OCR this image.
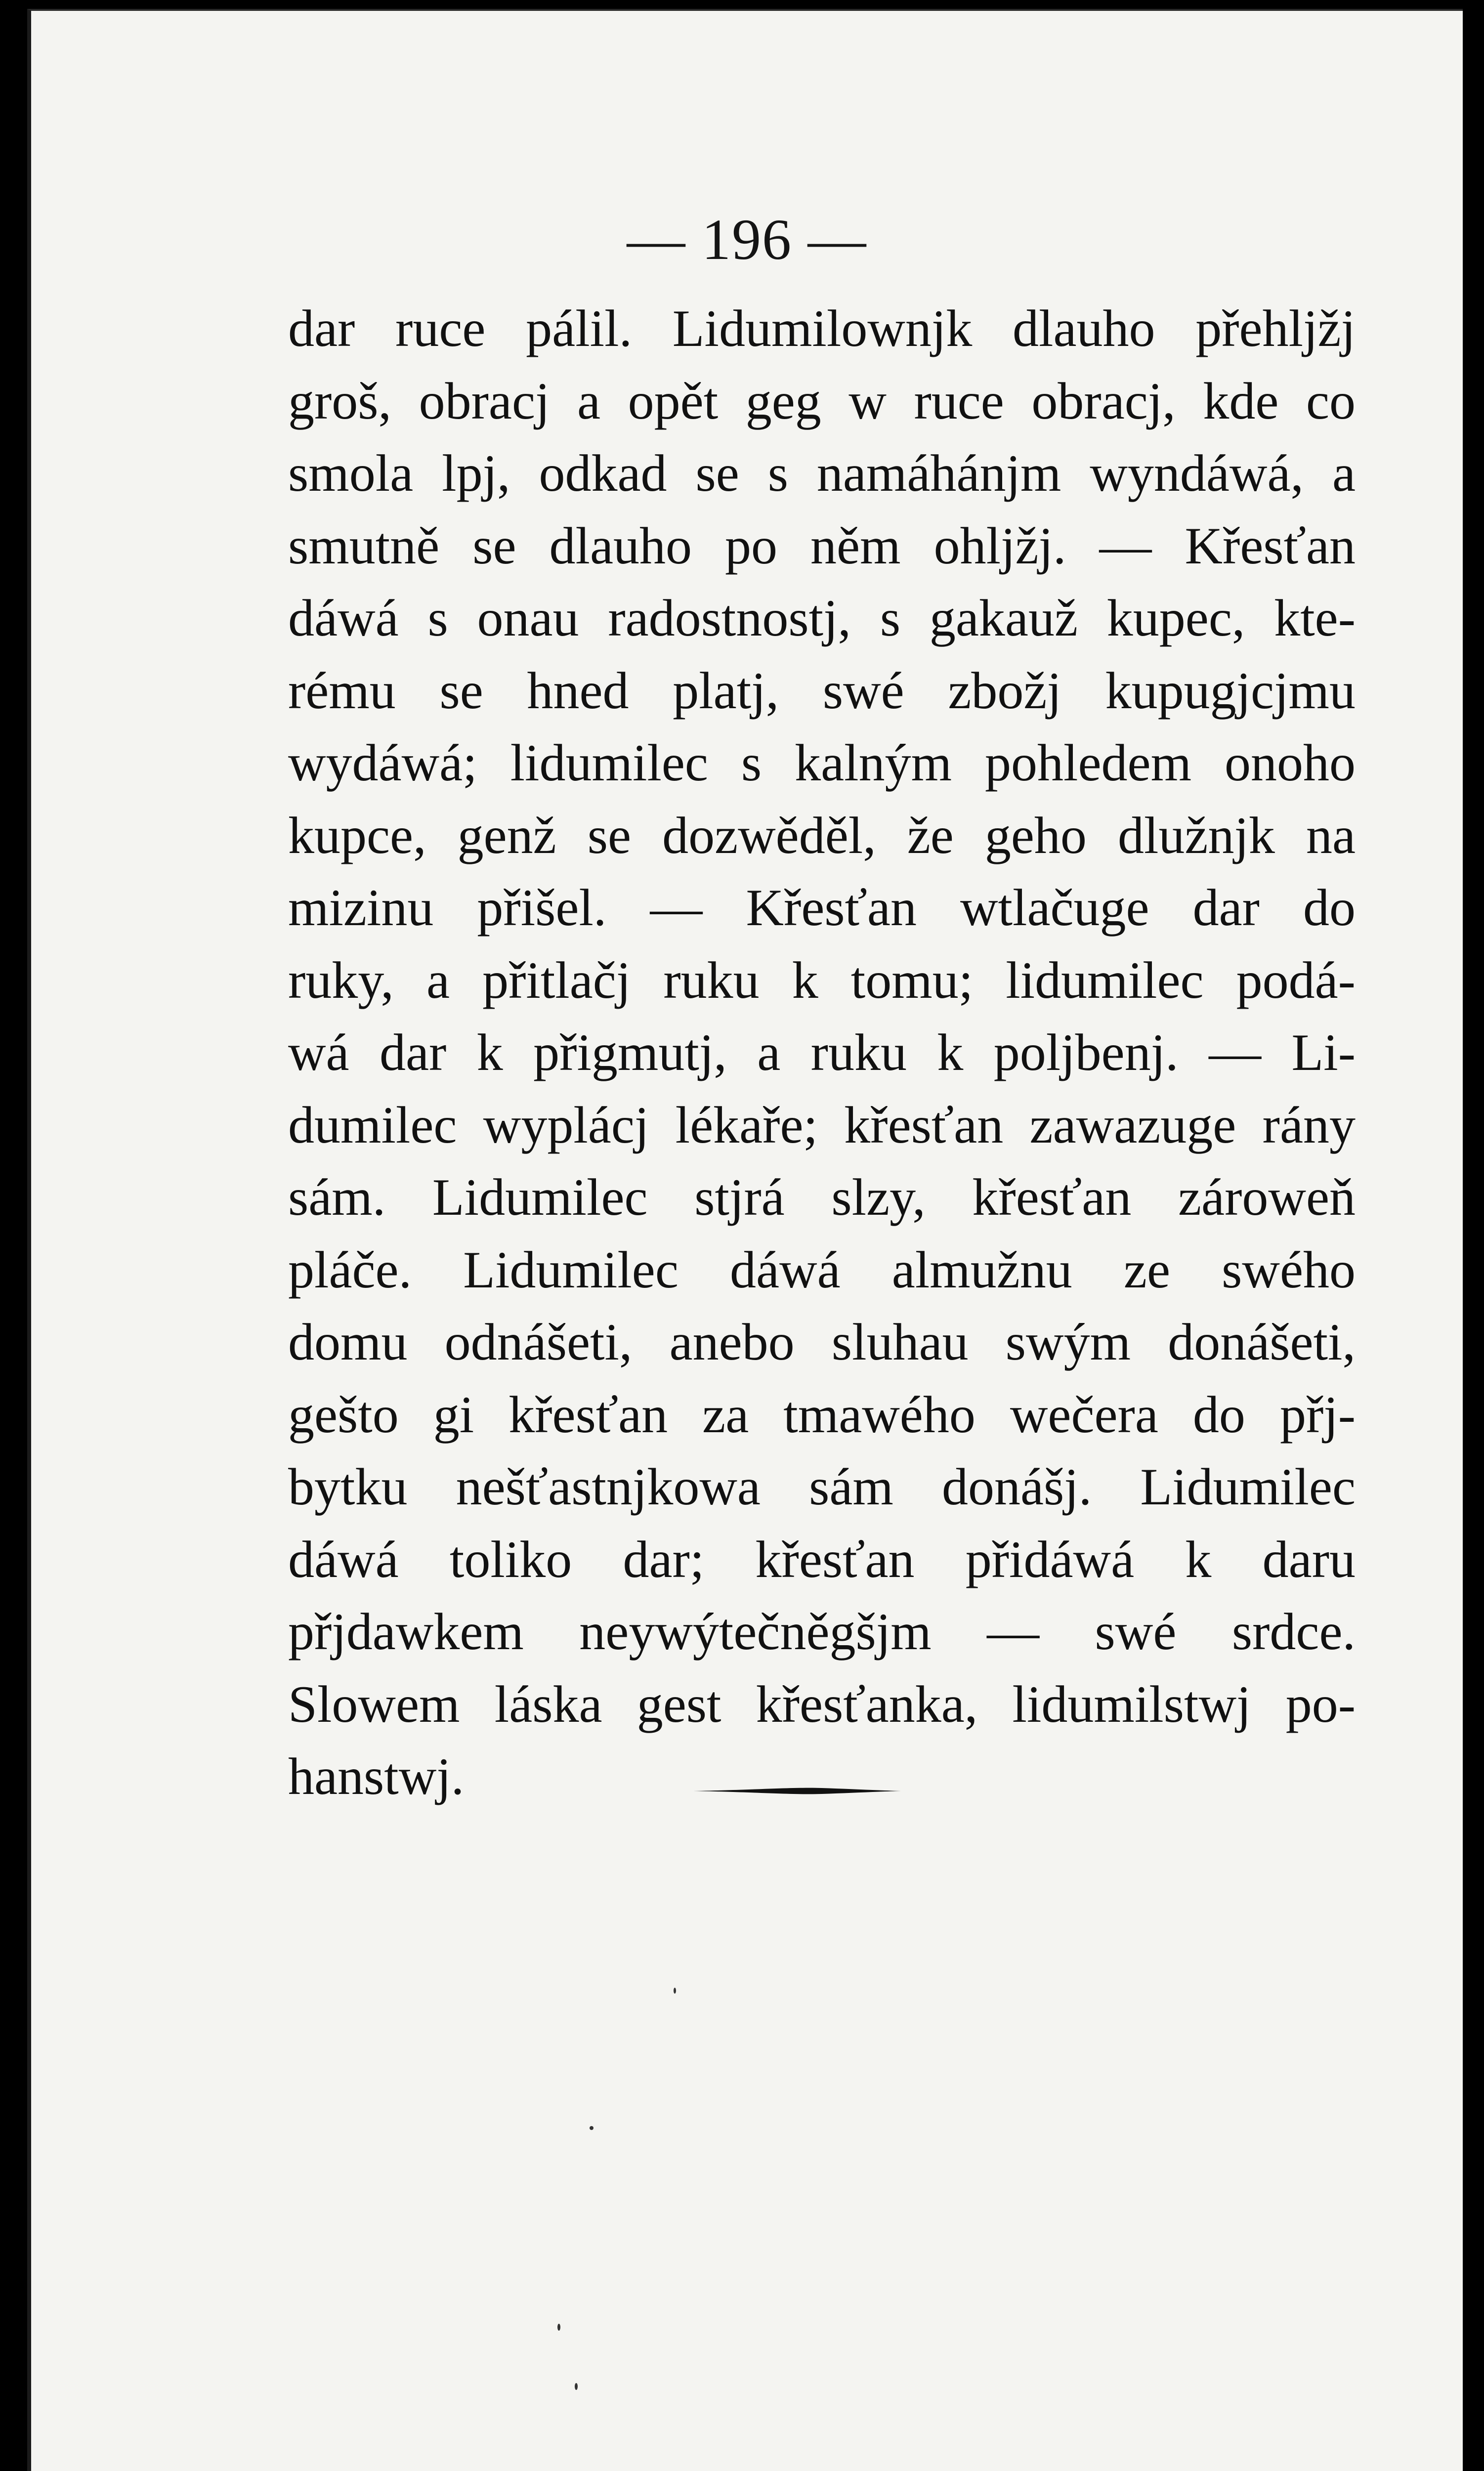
— 196 —
dar ruce pálil. Lidumilownjk dlauho přehljžj
groš, obracj a opět geg w ruce obracj, kde co
smola lpj, odkad se s namáhánjm wyndáwá, a
smutně se dlauho po něm ohljžj. — Křesťan
dáwá s onau radostnostj, s gakauž kupec, kte-
rému se hned platj, swé zbožj kupugjcjmu
wydáwá; lidumilec s kalným pohledem onoho
kupce, genž se dozwěděl, že geho dlužnjk na
mizinu přišel. — Křesťan wtlačuge dar do
ruky, a přitlačj ruku k tomu; lidumilec podá-
wá dar k přigmutj, a ruku k poljbenj. — Li-
dumilec wyplácj lékaře; křesťan zawazuge rány
sám. Lidumilec stjrá slzy, křesťan zároweň
pláče. Lidumilec dáwá almužnu ze swého
domu odnášeti, anebo sluhau swým donášeti,
gešto gi křesťan za tmawého wečera do přj-
bytku nešťastnjkowa sám donášj. Lidumilec
dáwá toliko dar; křesťan přidáwá k daru
přjdawkem neywýtečněgšjm — swé srdce.
Slowem láska gest křesťanka, lidumilstwj po-
hanstwj.
